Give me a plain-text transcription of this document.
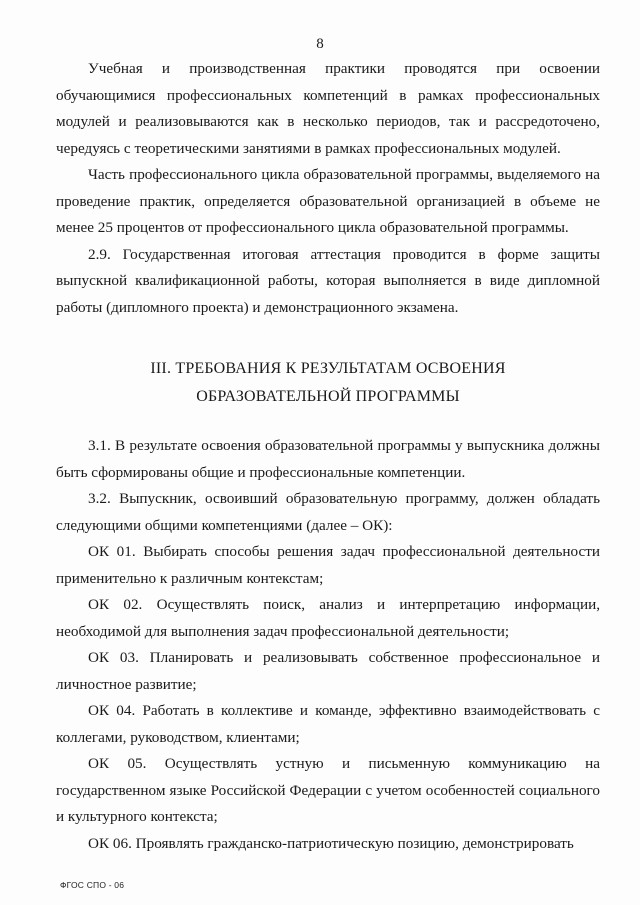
8

Учебная и производственная практики проводятся при освоении обучающимися профессиональных компетенций в рамках профессиональных модулей и реализовываются как в несколько периодов, так и рассредоточено, чередуясь с теоретическими занятиями в рамках профессиональных модулей.

Часть профессионального цикла образовательной программы, выделяемого на проведение практик, определяется образовательной организацией в объеме не менее 25 процентов от профессионального цикла образовательной программы.

2.9. Государственная итоговая аттестация проводится в форме защиты выпускной квалификационной работы, которая выполняется в виде дипломной работы (дипломного проекта) и демонстрационного экзамена.

III. ТРЕБОВАНИЯ К РЕЗУЛЬТАТАМ ОСВОЕНИЯ
ОБРАЗОВАТЕЛЬНОЙ ПРОГРАММЫ

3.1. В результате освоения образовательной программы у выпускника должны быть сформированы общие и профессиональные компетенции.

3.2. Выпускник, освоивший образовательную программу, должен обладать следующими общими компетенциями (далее – ОК):

ОК 01. Выбирать способы решения задач профессиональной деятельности применительно к различным контекстам;

ОК 02. Осуществлять поиск, анализ и интерпретацию информации, необходимой для выполнения задач профессиональной деятельности;

ОК 03. Планировать и реализовывать собственное профессиональное и личностное развитие;

ОК 04. Работать в коллективе и команде, эффективно взаимодействовать с коллегами, руководством, клиентами;

ОК 05. Осуществлять устную и письменную коммуникацию на государственном языке Российской Федерации с учетом особенностей социального и культурного контекста;

ОК 06. Проявлять гражданско-патриотическую позицию, демонстрировать

ФГОС СПО - 06
